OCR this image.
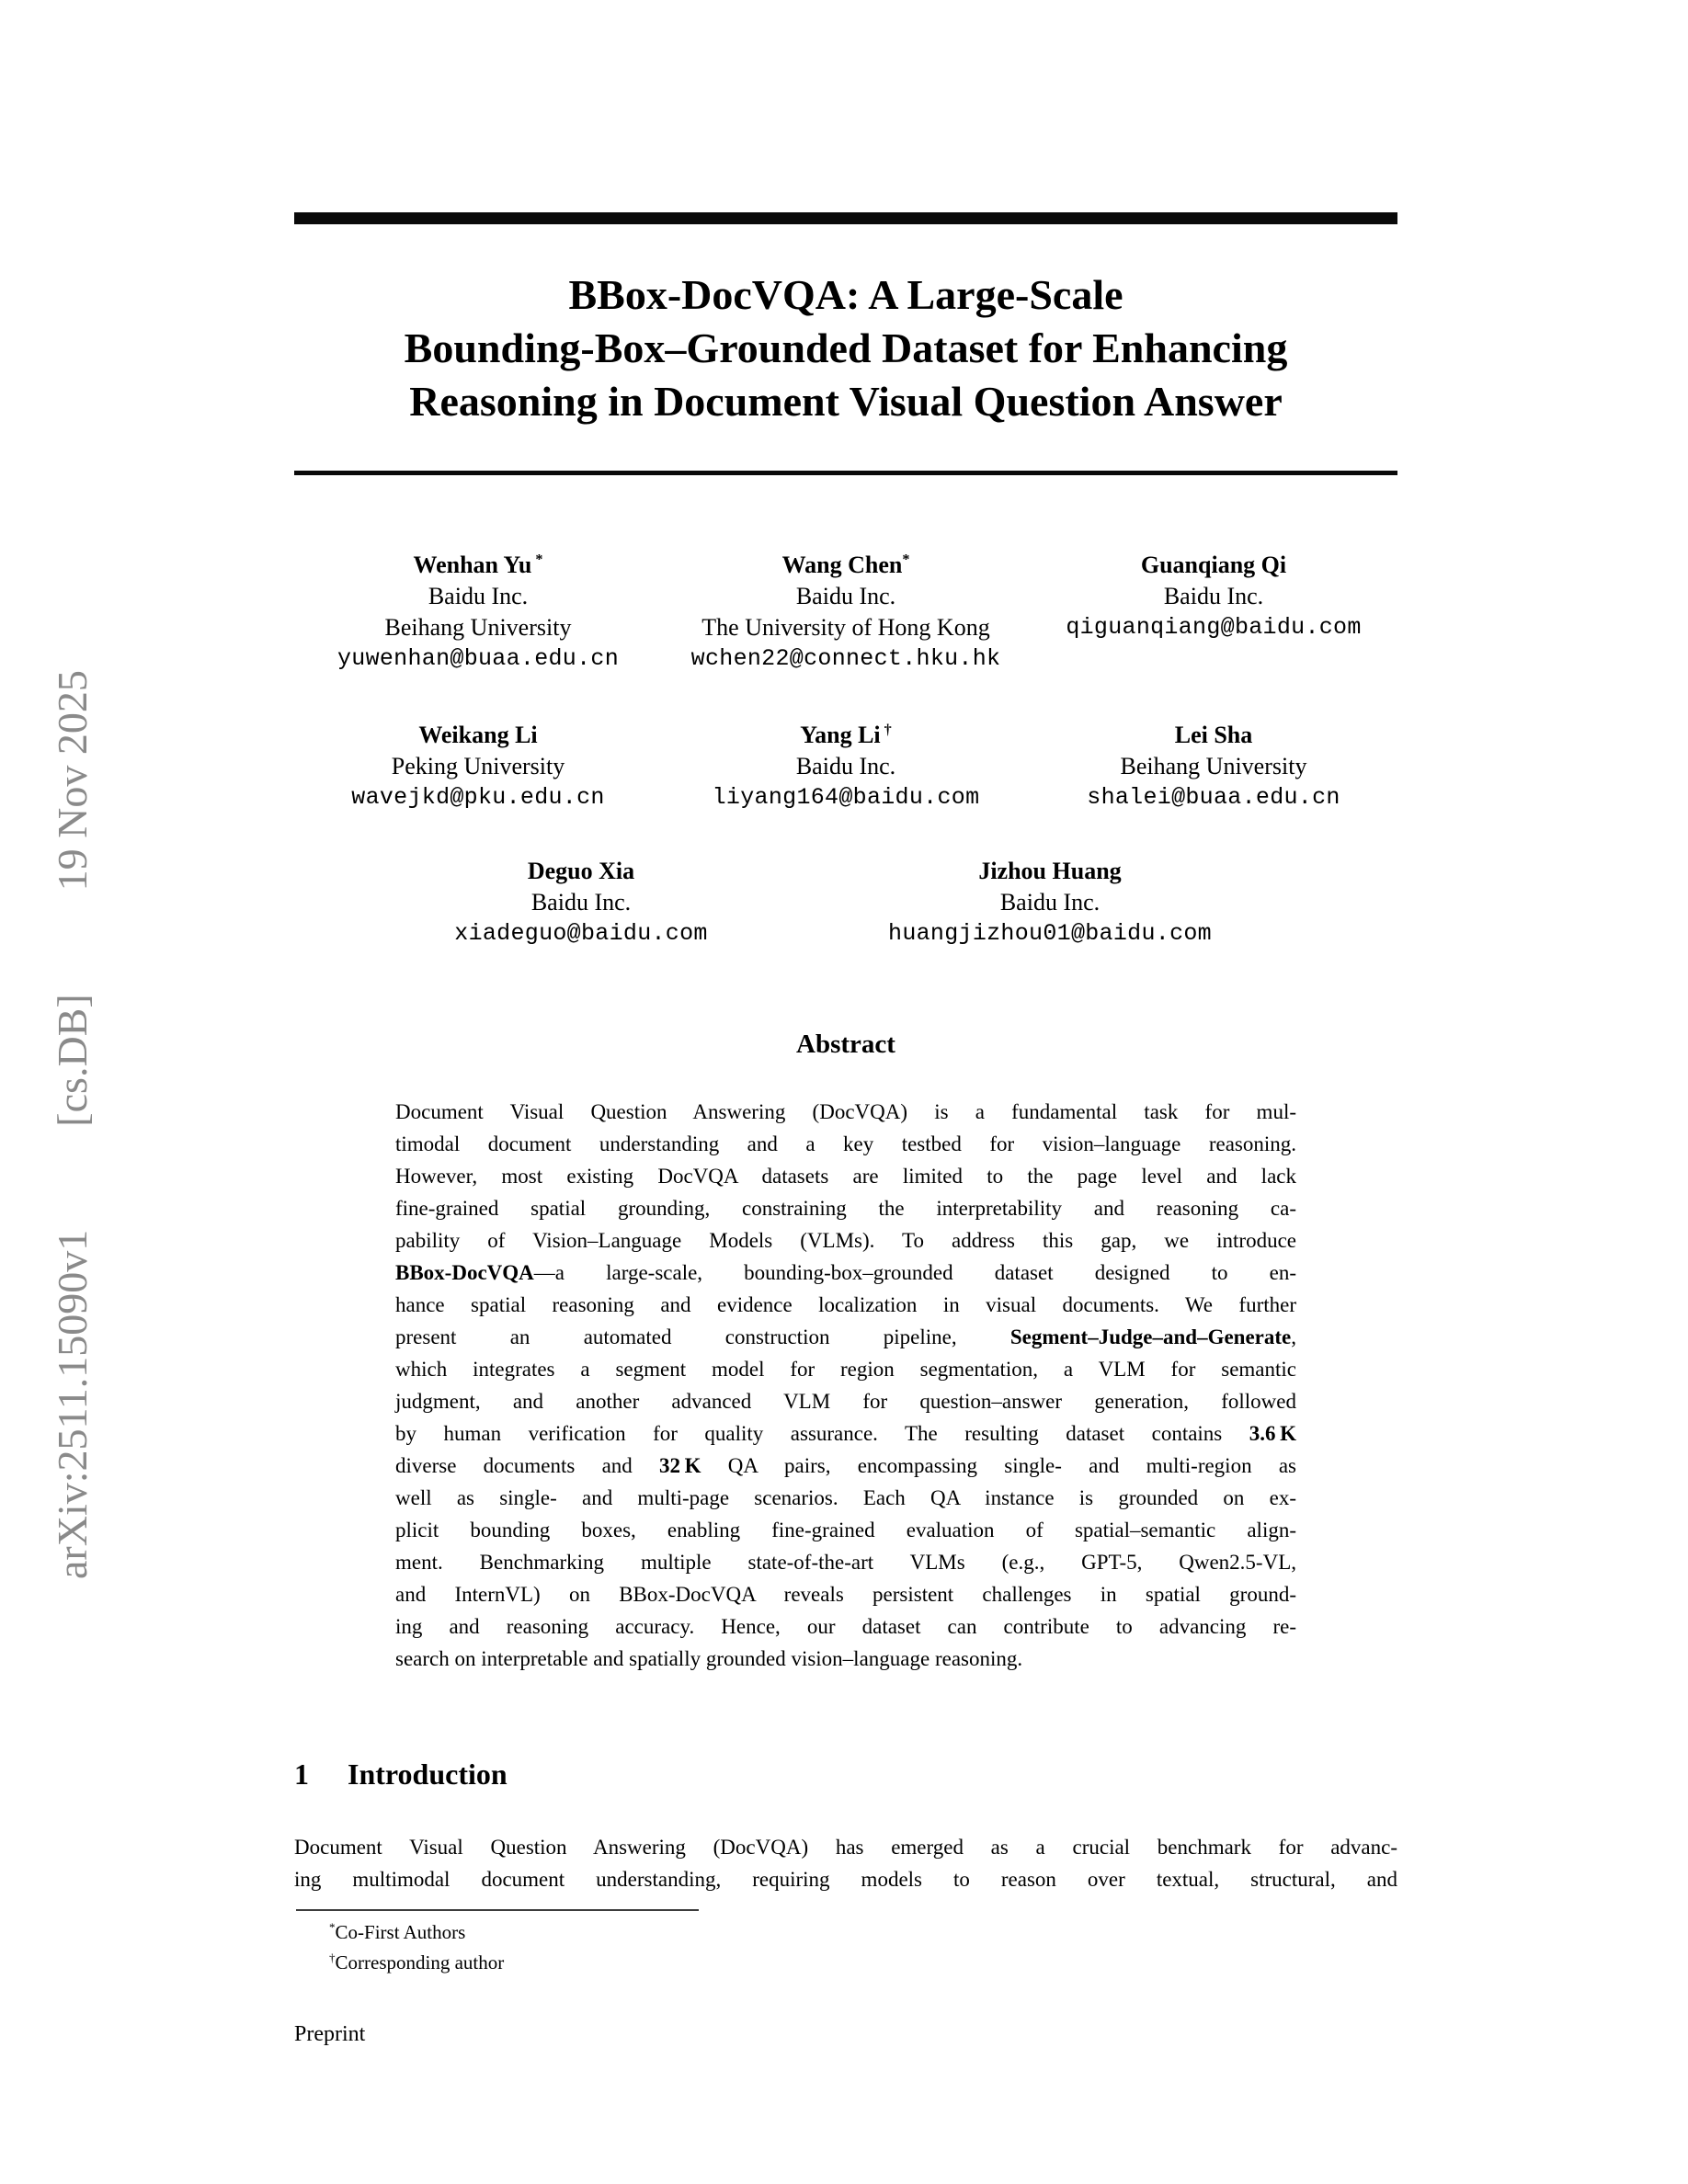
BBox-DocVQA: A Large-Scale
Bounding-Box–Grounded Dataset for Enhancing
Reasoning in Document Visual Question Answer
Wenhan Yu *
Baidu Inc.
Beihang University
yuwenhan@buaa.edu.cn
Wang Chen*
Baidu Inc.
The University of Hong Kong
wchen22@connect.hku.hk
Guanqiang Qi
Baidu Inc.
qiguanqiang@baidu.com
Weikang Li
Peking University
wavejkd@pku.edu.cn
Yang Li †
Baidu Inc.
liyang164@baidu.com
Lei Sha
Beihang University
shalei@buaa.edu.cn
Deguo Xia
Baidu Inc.
xiadeguo@baidu.com
Jizhou Huang
Baidu Inc.
huangjizhou01@baidu.com
Abstract
Document Visual Question Answering (DocVQA) is a fundamental task for mul-
timodal document understanding and a key testbed for vision–language reasoning.
However, most existing DocVQA datasets are limited to the page level and lack
fine-grained spatial grounding, constraining the interpretability and reasoning ca-
pability of Vision–Language Models (VLMs). To address this gap, we introduce
BBox-DocVQA—a large-scale, bounding-box–grounded dataset designed to en-
hance spatial reasoning and evidence localization in visual documents. We further
present an automated construction pipeline, Segment–Judge–and–Generate,
which integrates a segment model for region segmentation, a VLM for semantic
judgment, and another advanced VLM for question–answer generation, followed
by human verification for quality assurance. The resulting dataset contains 3.6 K
diverse documents and 32 K QA pairs, encompassing single- and multi-region as
well as single- and multi-page scenarios. Each QA instance is grounded on ex-
plicit bounding boxes, enabling fine-grained evaluation of spatial–semantic align-
ment. Benchmarking multiple state-of-the-art VLMs (e.g., GPT-5, Qwen2.5-VL,
and InternVL) on BBox-DocVQA reveals persistent challenges in spatial ground-
ing and reasoning accuracy. Hence, our dataset can contribute to advancing re-
search on interpretable and spatially grounded vision–language reasoning.
1 Introduction
Document Visual Question Answering (DocVQA) has emerged as a crucial benchmark for advanc-
ing multimodal document understanding, requiring models to reason over textual, structural, and
*Co-First Authors
†Corresponding author
Preprint
arXiv:2511.15090v1
[cs.DB]
19 Nov 2025
